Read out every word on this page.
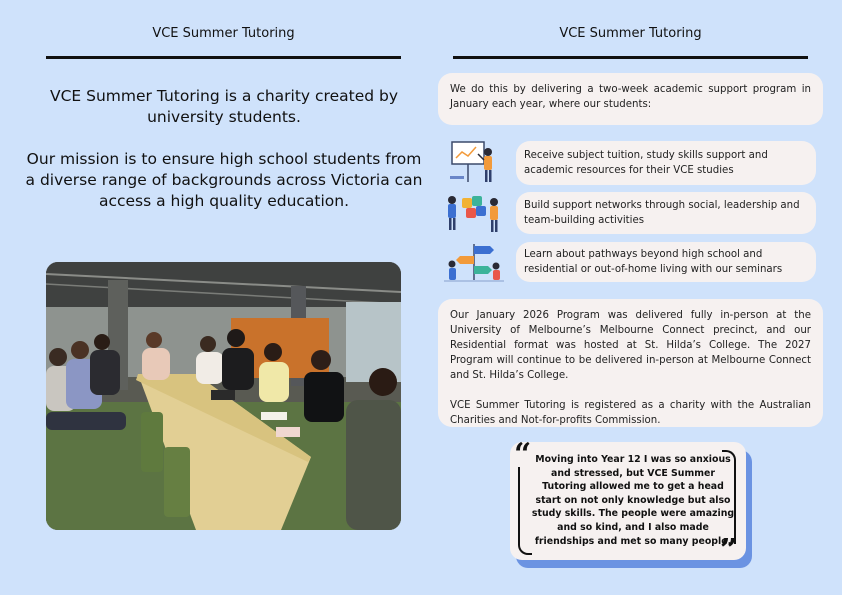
VCE Summer Tutoring	VCE Summer Tutoring

VCE Summer Tutoring is a charity created by university students.

Our mission is to ensure high school students from a diverse range of backgrounds across Victoria can access a high quality education.

We do this by delivering a two-week academic support program in January each year, where our students:
Receive subject tuition, study skills support and academic resources for their VCE studies
Build support networks through social, leadership and team-building activities
Learn about pathways beyond high school and residential or out-of-home living with our seminars

Our January 2026 Program was delivered fully in-person at the University of Melbourne’s Melbourne Connect precinct, and our Residential format was hosted at St. Hilda’s College. The 2027 Program will continue to be delivered in-person at Melbourne Connect and St. Hilda’s College.

VCE Summer Tutoring is registered as a charity with the Australian Charities and Not-for-profits Commission.

“
”
Moving into Year 12 I was so anxious and stressed, but VCE Summer Tutoring allowed me to get a head start on not only knowledge but also study skills. The people were amazing and so kind, and I also made friendships and met so many people.
